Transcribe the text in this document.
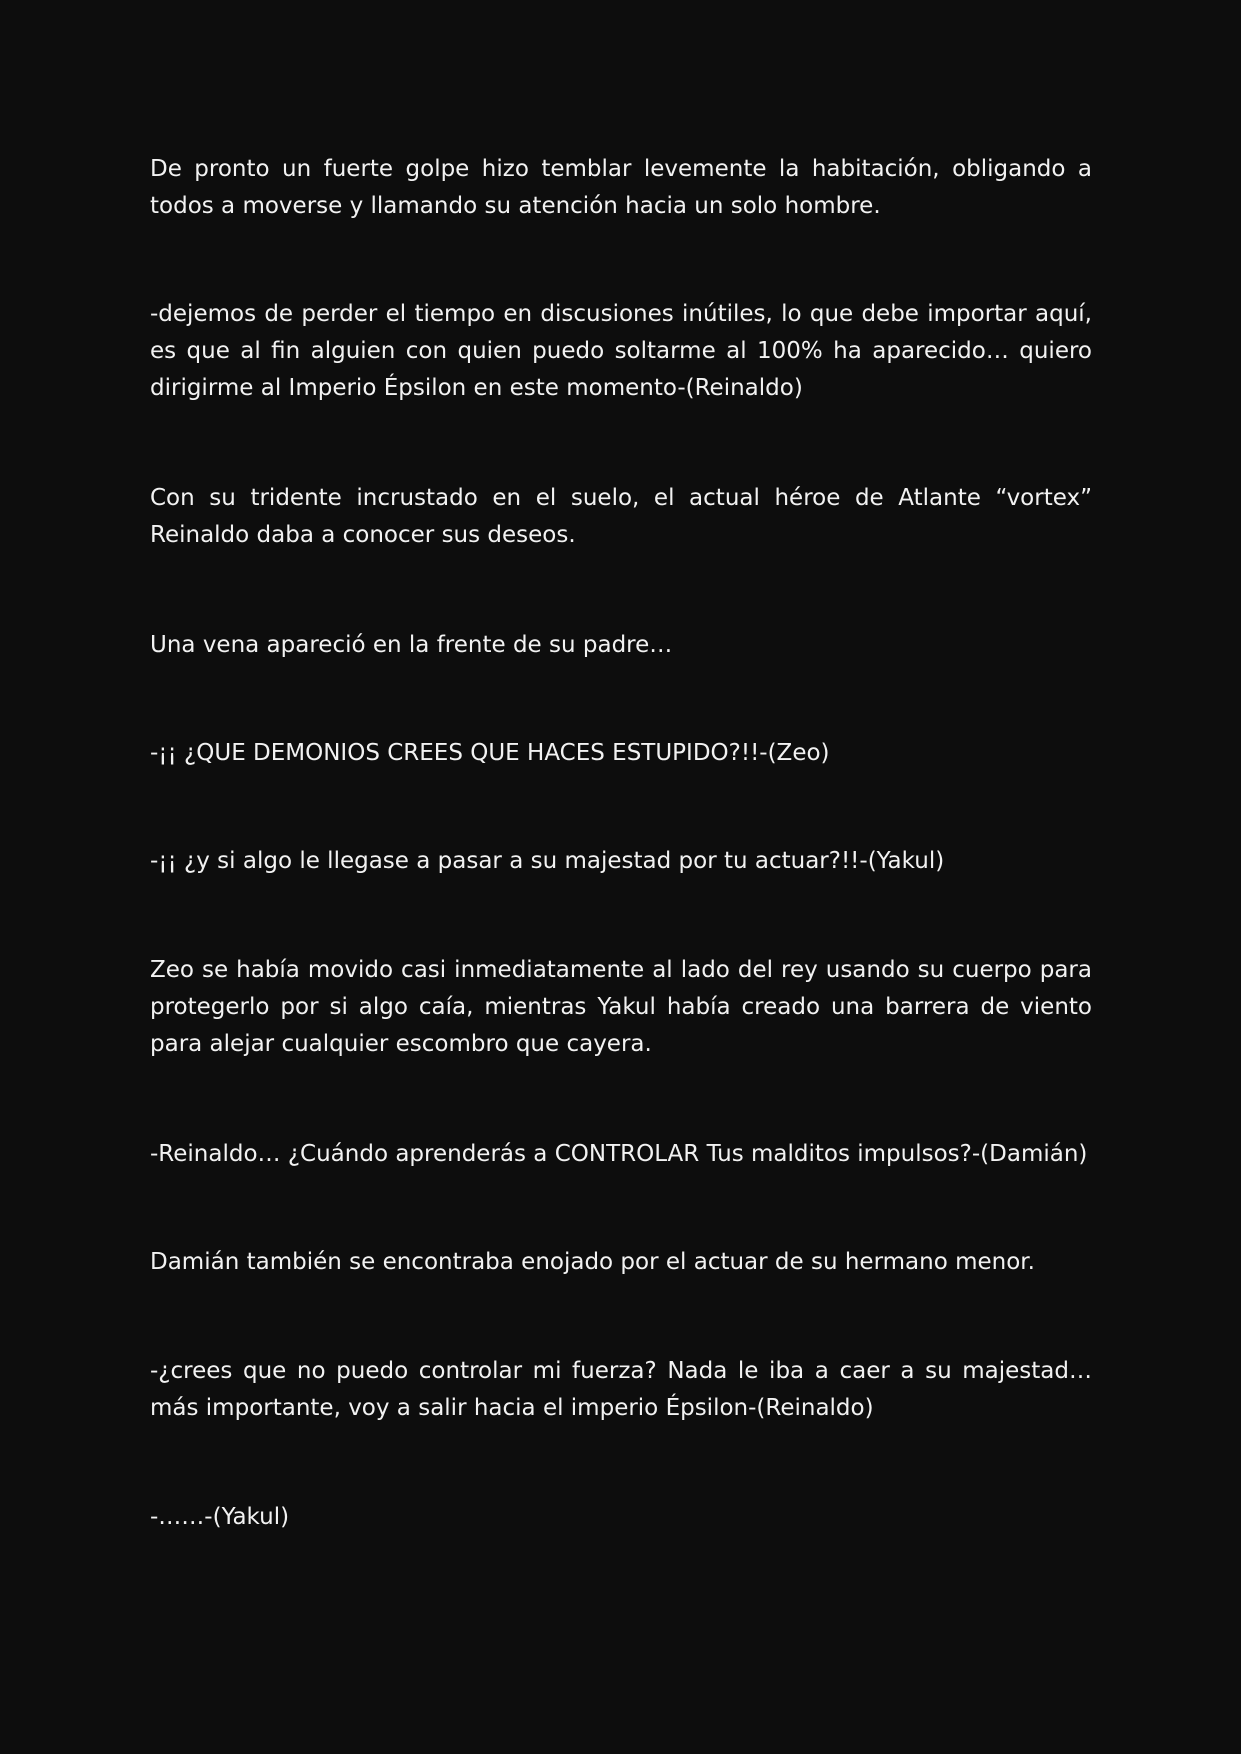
De pronto un fuerte golpe hizo temblar levemente la habitación, obligando a todos a moverse y llamando su atención hacia un solo hombre.

-dejemos de perder el tiempo en discusiones inútiles, lo que debe importar aquí, es que al fin alguien con quien puedo soltarme al 100% ha aparecido… quiero dirigirme al Imperio Épsilon en este momento-(Reinaldo)

Con su tridente incrustado en el suelo, el actual héroe de Atlante “vortex” Reinaldo daba a conocer sus deseos.

Una vena apareció en la frente de su padre…

-¡¡ ¿QUE DEMONIOS CREES QUE HACES ESTUPIDO?!!-(Zeo)

-¡¡ ¿y si algo le llegase a pasar a su majestad por tu actuar?!!-(Yakul)

Zeo se había movido casi inmediatamente al lado del rey usando su cuerpo para protegerlo por si algo caía, mientras Yakul había creado una barrera de viento para alejar cualquier escombro que cayera.

-Reinaldo… ¿Cuándo aprenderás a CONTROLAR Tus malditos impulsos?-(Damián)

Damián también se encontraba enojado por el actuar de su hermano menor.

-¿crees que no puedo controlar mi fuerza? Nada le iba a caer a su majestad… más importante, voy a salir hacia el imperio Épsilon-(Reinaldo)

-……-(Yakul)
